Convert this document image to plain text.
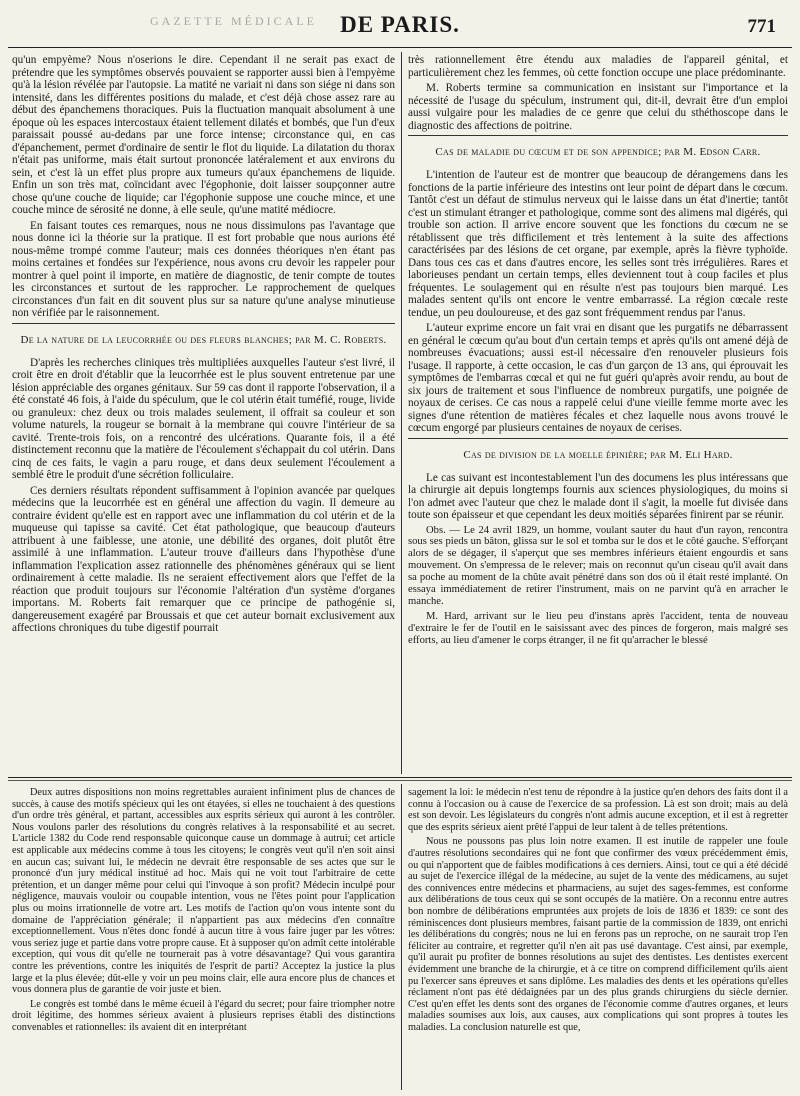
GAZETTE MÉDICALE	DE PARIS.	771

qu'un empyème? Nous n'oserions le dire. Cependant il ne serait pas exact de prétendre que les symptômes observés pouvaient se rapporter aussi bien à l'empyème qu'à la lésion révélée par l'autopsie. La matité ne variait ni dans son siége ni dans son intensité, dans les différentes positions du malade, et c'est déjà chose assez rare au début des épanchemens thoraciques. Puis la fluctuation manquait absolument à une époque où les espaces intercostaux étaient tellement dilatés et bombés, que l'un d'eux paraissait poussé au-dedans par une force intense; circonstance qui, en cas d'épanchement, permet d'ordinaire de sentir le flot du liquide. La dilatation du thorax n'était pas uniforme, mais était surtout prononcée latéralement et aux environs du sein, et c'est là un effet plus propre aux tumeurs qu'aux épanchemens de liquide. Enfin un son très mat, coïncidant avec l'égophonie, doit laisser soupçonner autre chose qu'une couche de liquide; car l'égophonie suppose une couche mince, et une couche mince de sérosité ne donne, à elle seule, qu'une matité médiocre.

En faisant toutes ces remarques, nous ne nous dissimulons pas l'avantage que nous donne ici la théorie sur la pratique. Il est fort probable que nous aurions été nous-même trompé comme l'auteur; mais ces données théoriques n'en étant pas moins certaines et fondées sur l'expérience, nous avons cru devoir les rappeler pour montrer à quel point il importe, en matière de diagnostic, de tenir compte de toutes les circonstances et surtout de les rapprocher. Le rapprochement de quelques circonstances d'un fait en dit souvent plus sur sa nature qu'une analyse minutieuse non vérifiée par le raisonnement.

De la nature de la leucorrhée ou des fleurs blanches; par M. C. Roberts.

D'après les recherches cliniques très multipliées auxquelles l'auteur s'est livré, il croit être en droit d'établir que la leucorrhée est le plus souvent entretenue par une lésion appréciable des organes génitaux. Sur 59 cas dont il rapporte l'observation, il a été constaté 46 fois, à l'aide du spéculum, que le col utérin était tuméfié, rouge, livide ou granuleux: chez deux ou trois malades seulement, il offrait sa couleur et son volume naturels, la rougeur se bornait à la membrane qui couvre l'intérieur de sa cavité. Trente-trois fois, on a rencontré des ulcérations. Quarante fois, il a été distinctement reconnu que la matière de l'écoulement s'échappait du col utérin. Dans cinq de ces faits, le vagin a paru rouge, et dans deux seulement l'écoulement a semblé être le produit d'une sécrétion folliculaire.

Ces derniers résultats répondent suffisamment à l'opinion avancée par quelques médecins que la leucorrhée est en général une affection du vagin. Il demeure au contraire évident qu'elle est en rapport avec une inflammation du col utérin et de la muqueuse qui tapisse sa cavité. Cet état pathologique, que beaucoup d'auteurs attribuent à une faiblesse, une atonie, une débilité des organes, doit plutôt être assimilé à une inflammation. L'auteur trouve d'ailleurs dans l'hypothèse d'une inflammation l'explication assez rationnelle des phénomènes généraux qui se lient ordinairement à cette maladie. Ils ne seraient effectivement alors que l'effet de la réaction que produit toujours sur l'économie l'altération d'un système d'organes importans. M. Roberts fait remarquer que ce principe de pathogénie si, dangereusement exagéré par Broussais et que cet auteur bornait exclusivement aux affections chroniques du tube digestif pourrait

très rationnellement être étendu aux maladies de l'appareil génital, et particulièrement chez les femmes, où cette fonction occupe une place prédominante.

M. Roberts termine sa communication en insistant sur l'importance et la nécessité de l'usage du spéculum, instrument qui, dit-il, devrait être d'un emploi aussi vulgaire pour les maladies de ce genre que celui du sthéthoscope dans le diagnostic des affections de poitrine.

Cas de maladie du cœcum et de son appendice; par M. Edson Carr.

L'intention de l'auteur est de montrer que beaucoup de dérangemens dans les fonctions de la partie inférieure des intestins ont leur point de départ dans le cœcum. Tantôt c'est un défaut de stimulus nerveux qui le laisse dans un état d'inertie; tantôt c'est un stimulant étranger et pathologique, comme sont des alimens mal digérés, qui trouble son action. Il arrive encore souvent que les fonctions du cœcum ne se rétablissent que très difficilement et très lentement à la suite des affections caractérisées par des lésions de cet organe, par exemple, après la fièvre typhoïde. Dans tous ces cas et dans d'autres encore, les selles sont très irrégulières. Rares et laborieuses pendant un certain temps, elles deviennent tout à coup faciles et plus fréquentes. Le soulagement qui en résulte n'est pas toujours bien marqué. Les malades sentent qu'ils ont encore le ventre embarrassé. La région cœcale reste tendue, un peu douloureuse, et des gaz sont fréquemment rendus par l'anus.

L'auteur exprime encore un fait vrai en disant que les purgatifs ne débarrassent en général le cœcum qu'au bout d'un certain temps et après qu'ils ont amené déjà de nombreuses évacuations; aussi est-il nécessaire d'en renouveler plusieurs fois l'usage. Il rapporte, à cette occasion, le cas d'un garçon de 13 ans, qui éprouvait les symptômes de l'embarras cœcal et qui ne fut guéri qu'après avoir rendu, au bout de six jours de traitement et sous l'influence de nombreux purgatifs, une poignée de noyaux de cerises. Ce cas nous a rappelé celui d'une vieille femme morte avec les signes d'une rétention de matières fécales et chez laquelle nous avons trouvé le cœcum engorgé par plusieurs centaines de noyaux de cerises.

Cas de division de la moelle épinière; par M. Eli Hard.

Le cas suivant est incontestablement l'un des documens les plus intéressans que la chirurgie ait depuis longtemps fournis aux sciences physiologiques, du moins si l'on admet avec l'auteur que chez le malade dont il s'agit, la moelle fut divisée dans toute son épaisseur et que cependant les deux moitiés séparées finirent par se réunir.

Obs. — Le 24 avril 1829, un homme, voulant sauter du haut d'un rayon, rencontra sous ses pieds un bâton, glissa sur le sol et tomba sur le dos et le côté gauche. S'efforçant alors de se dégager, il s'aperçut que ses membres inférieurs étaient engourdis et sans mouvement. On s'empressa de le relever; mais on reconnut qu'un ciseau qu'il avait dans sa poche au moment de la chûte avait pénétré dans son dos où il était resté implanté. On essaya immédiatement de retirer l'instrument, mais on ne parvint qu'à en arracher le manche.

M. Hard, arrivant sur le lieu peu d'instans après l'accident, tenta de nouveau d'extraire le fer de l'outil en le saisissant avec des pinces de forgeron, mais malgré ses efforts, au lieu d'amener le corps étranger, il ne fit qu'arracher le blessé

Deux autres dispositions non moins regrettables auraient infiniment plus de chances de succès, à cause des motifs spécieux qui les ont étayées, si elles ne touchaient à des questions d'un ordre très général, et partant, accessibles aux esprits sérieux qui auront à les contrôler. Nous voulons parler des résolutions du congrès relatives à la responsabilité et au secret. L'article 1382 du Code rend responsable quiconque cause un dommage à autrui; cet article est applicable aux médecins comme à tous les citoyens; le congrès veut qu'il n'en soit ainsi en aucun cas; suivant lui, le médecin ne devrait être responsable de ses actes que sur le prononcé d'un jury médical institué ad hoc. Mais qui ne voit tout l'arbitraire de cette prétention, et un danger même pour celui qui l'invoque à son profit? Médecin inculpé pour négligence, mauvais vouloir ou coupable intention, vous ne l'êtes point pour l'application plus ou moins irrationnelle de votre art. Les motifs de l'action qu'on vous intente sont du domaine de l'appréciation générale; il n'appartient pas aux médecins d'en connaître exceptionnellement. Vous n'êtes donc fondé à aucun titre à vous faire juger par les vôtres: vous seriez juge et partie dans votre propre cause. Et à supposer qu'on admît cette intolérable exception, qui vous dit qu'elle ne tournerait pas à votre désavantage? Qui vous garantira contre les préventions, contre les iniquités de l'esprit de parti? Acceptez la justice la plus large et la plus élevée; dût-elle y voir un peu moins clair, elle aura encore plus de chances et vous donnera plus de garantie de voir juste et bien.

Le congrès est tombé dans le même écueil à l'égard du secret; pour faire triompher notre droit légitime, des hommes sérieux avaient à plusieurs reprises établi des distinctions convenables et rationnelles: ils avaient dit en interprétant

sagement la loi: le médecin n'est tenu de répondre à la justice qu'en dehors des faits dont il a connu à l'occasion ou à cause de l'exercice de sa profession. Là est son droit; mais au delà est son devoir. Les législateurs du congrès n'ont admis aucune exception, et il est à regretter que des esprits sérieux aient prêté l'appui de leur talent à de telles prétentions.

Nous ne poussons pas plus loin notre examen. Il est inutile de rappeler une foule d'autres résolutions secondaires qui ne font que confirmer des vœux précédemment émis, ou qui n'apportent que de faibles modifications à ces derniers. Ainsi, tout ce qui a été décidé au sujet de l'exercice illégal de la médecine, au sujet de la vente des médicamens, au sujet des connivences entre médecins et pharmaciens, au sujet des sages-femmes, est conforme aux délibérations de tous ceux qui se sont occupés de la matière. On a reconnu entre autres bon nombre de délibérations empruntées aux projets de lois de 1836 et 1839: ce sont des réminiscences dont plusieurs membres, faisant partie de la commission de 1839, ont enrichi les délibérations du congrès; nous ne lui en ferons pas un reproche, on ne saurait trop l'en féliciter au contraire, et regretter qu'il n'en ait pas usé davantage. C'est ainsi, par exemple, qu'il aurait pu profiter de bonnes résolutions au sujet des dentistes. Les dentistes exercent évidemment une branche de la chirurgie, et à ce titre on comprend difficilement qu'ils aient pu l'exercer sans épreuves et sans diplôme. Les maladies des dents et les opérations qu'elles réclament n'ont pas été dédaignées par un des plus grands chirurgiens du siècle dernier. C'est qu'en effet les dents sont des organes de l'économie comme d'autres organes, et leurs maladies soumises aux lois, aux causes, aux complications qui sont propres à toutes les maladies. La conclusion naturelle est que,
